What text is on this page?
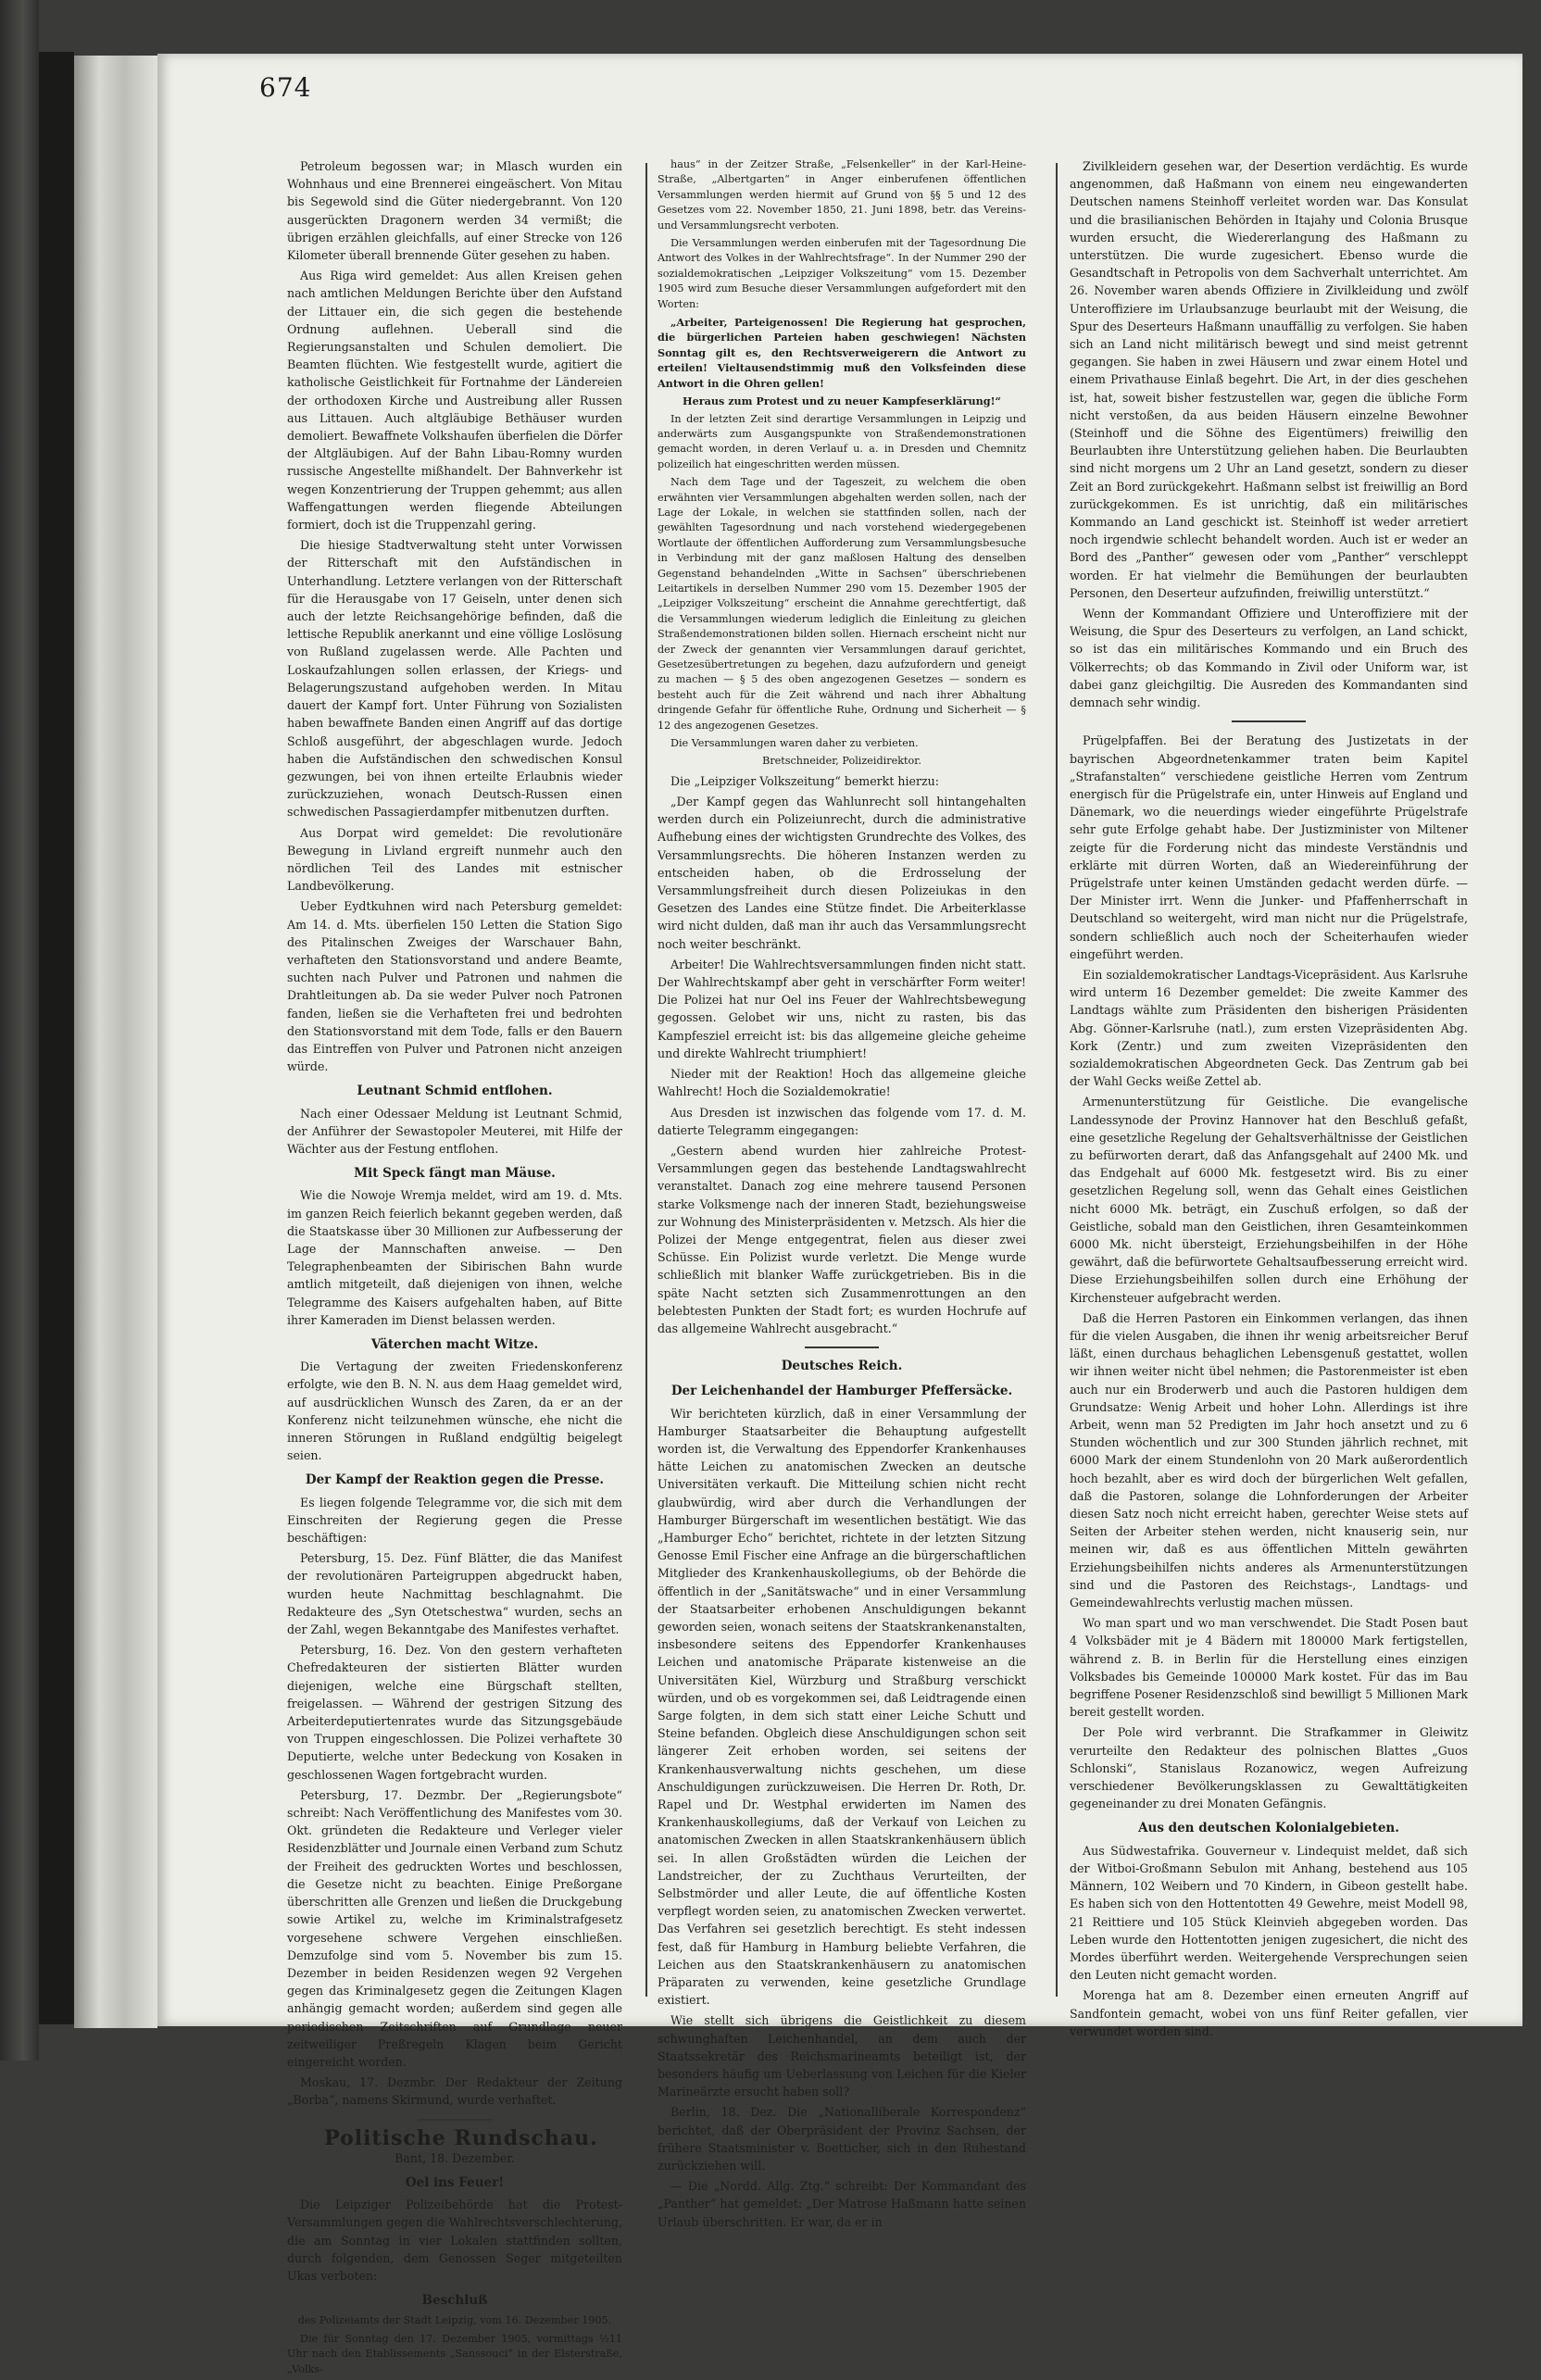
674

Petroleum begossen war; in Mlasch wurden ein Wohnhaus und eine Brennerei eingeäschert. Von Mitau bis Segewold sind die Güter niedergebrannt. Von 120 ausgerückten Dragonern werden 34 vermißt; die übrigen erzählen gleichfalls, auf einer Strecke von 126 Kilometer überall brennende Güter gesehen zu haben.

Aus Riga wird gemeldet: Aus allen Kreisen gehen nach amtlichen Meldungen Berichte über den Aufstand der Littauer ein, die sich gegen die bestehende Ordnung auflehnen. Ueberall sind die Regierungsanstalten und Schulen demoliert. Die Beamten flüchten. Wie festgestellt wurde, agitiert die katholische Geistlichkeit für Fortnahme der Ländereien der orthodoxen Kirche und Austreibung aller Russen aus Littauen. Auch altgläubige Bethäuser wurden demoliert. Bewaffnete Volkshaufen überfielen die Dörfer der Altgläubigen. Auf der Bahn Libau-Romny wurden russische Angestellte mißhandelt. Der Bahnverkehr ist wegen Konzentrierung der Truppen gehemmt; aus allen Waffengattungen werden fliegende Abteilungen formiert, doch ist die Truppenzahl gering.

Die hiesige Stadtverwaltung steht unter Vorwissen der Ritterschaft mit den Aufständischen in Unterhandlung. Letztere verlangen von der Ritterschaft für die Herausgabe von 17 Geiseln, unter denen sich auch der letzte Reichsangehörige befinden, daß die lettische Republik anerkannt und eine völlige Loslösung von Rußland zugelassen werde. Alle Pachten und Loskaufzahlungen sollen erlassen, der Kriegs- und Belagerungszustand aufgehoben werden. In Mitau dauert der Kampf fort. Unter Führung von Sozialisten haben bewaffnete Banden einen Angriff auf das dortige Schloß ausgeführt, der abgeschlagen wurde. Jedoch haben die Aufständischen den schwedischen Konsul gezwungen, bei von ihnen erteilte Erlaubnis wieder zurückzuziehen, wonach Deutsch-Russen einen schwedischen Passagierdampfer mitbenutzen durften.

Aus Dorpat wird gemeldet: Die revolutionäre Bewegung in Livland ergreift nunmehr auch den nördlichen Teil des Landes mit estnischer Landbevölkerung.

Ueber Eydtkuhnen wird nach Petersburg gemeldet: Am 14. d. Mts. überfielen 150 Letten die Station Sigo des Pitalinschen Zweiges der Warschauer Bahn, verhafteten den Stationsvorstand und andere Beamte, suchten nach Pulver und Patronen und nahmen die Drahtleitungen ab. Da sie weder Pulver noch Patronen fanden, ließen sie die Verhafteten frei und bedrohten den Stationsvorstand mit dem Tode, falls er den Bauern das Eintreffen von Pulver und Patronen nicht anzeigen würde.

Leutnant Schmid entflohen.

Nach einer Odessaer Meldung ist Leutnant Schmid, der Anführer der Sewastopoler Meuterei, mit Hilfe der Wächter aus der Festung entflohen.

Mit Speck fängt man Mäuse.

Wie die Nowoje Wremja meldet, wird am 19. d. Mts. im ganzen Reich feierlich bekannt gegeben werden, daß die Staatskasse über 30 Millionen zur Aufbesserung der Lage der Mannschaften anweise. — Den Telegraphenbeamten der Sibirischen Bahn wurde amtlich mitgeteilt, daß diejenigen von ihnen, welche Telegramme des Kaisers aufgehalten haben, auf Bitte ihrer Kameraden im Dienst belassen werden.

Väterchen macht Witze.

Die Vertagung der zweiten Friedenskonferenz erfolgte, wie den B. N. N. aus dem Haag gemeldet wird, auf ausdrücklichen Wunsch des Zaren, da er an der Konferenz nicht teilzunehmen wünsche, ehe nicht die inneren Störungen in Rußland endgültig beigelegt seien.

Der Kampf der Reaktion gegen die Presse.

Es liegen folgende Telegramme vor, die sich mit dem Einschreiten der Regierung gegen die Presse beschäftigen:

Petersburg, 15. Dez. Fünf Blätter, die das Manifest der revolutionären Parteigruppen abgedruckt haben, wurden heute Nachmittag beschlagnahmt. Die Redakteure des „Syn Otetschestwa“ wurden, sechs an der Zahl, wegen Bekanntgabe des Manifestes verhaftet.

Petersburg, 16. Dez. Von den gestern verhafteten Chefredakteuren der sistierten Blätter wurden diejenigen, welche eine Bürgschaft stellten, freigelassen. — Während der gestrigen Sitzung des Arbeiterdeputiertenrates wurde das Sitzungsgebäude von Truppen eingeschlossen. Die Polizei verhaftete 30 Deputierte, welche unter Bedeckung von Kosaken in geschlossenen Wagen fortgebracht wurden.

Petersburg, 17. Dezmbr. Der „Regierungsbote“ schreibt: Nach Veröffentlichung des Manifestes vom 30. Okt. gründeten die Redakteure und Verleger vieler Residenzblätter und Journale einen Verband zum Schutz der Freiheit des gedruckten Wortes und beschlossen, die Gesetze nicht zu beachten. Einige Preßorgane überschritten alle Grenzen und ließen die Druckgebung sowie Artikel zu, welche im Kriminalstrafgesetz vorgesehene schwere Vergehen einschließen. Demzufolge sind vom 5. November bis zum 15. Dezember in beiden Residenzen wegen 92 Vergehen gegen das Kriminalgesetz gegen die Zeitungen Klagen anhängig gemacht worden; außerdem sind gegen alle periodischen Zeitschriften auf Grundlage neuer zeitweiliger Preßregeln Klagen beim Gericht eingereicht worden.

Moskau, 17. Dezmbr. Der Redakteur der Zeitung „Borba“, namens Skirmund, wurde verhaftet.

Politische Rundschau.

Bant, 18. Dezember.

Oel ins Feuer!

Die Leipziger Polizeibehörde hat die Protest-Versammlungen gegen die Wahlrechtsverschlechterung, die am Sonntag in vier Lokalen stattfinden sollten, durch folgenden, dem Genossen Seger mitgeteilten Ukas verboten:

Beschluß

des Polizeiamts der Stadt Leipzig, vom 16. Dezember 1905.

Die für Sonntag den 17. Dezember 1905, vormittags ½11 Uhr nach den Etablissements „Sanssouci“ in der Elsterstraße, „Volks-

haus“ in der Zeitzer Straße, „Felsenkeller“ in der Karl-Heine-Straße, „Albertgarten“ in Anger einberufenen öffentlichen Versammlungen werden hiermit auf Grund von §§ 5 und 12 des Gesetzes vom 22. November 1850, 21. Juni 1898, betr. das Vereins- und Versammlungsrecht verboten.

Die Versammlungen werden einberufen mit der Tagesordnung Die Antwort des Volkes in der Wahlrechtsfrage“. In der Nummer 290 der sozialdemokratischen „Leipziger Volkszeitung“ vom 15. Dezember 1905 wird zum Besuche dieser Versammlungen aufgefordert mit den Worten:

„Arbeiter, Parteigenossen! Die Regierung hat gesprochen, die bürgerlichen Parteien haben geschwiegen! Nächsten Sonntag gilt es, den Rechtsverweigerern die Antwort zu erteilen! Vieltausendstimmig muß den Volksfeinden diese Antwort in die Ohren gellen!

Heraus zum Protest und zu neuer Kampfeserklärung!“

In der letzten Zeit sind derartige Versammlungen in Leipzig und anderwärts zum Ausgangspunkte von Straßendemonstrationen gemacht worden, in deren Verlauf u. a. in Dresden und Chemnitz polizeilich hat eingeschritten werden müssen.

Nach dem Tage und der Tageszeit, zu welchem die oben erwähnten vier Versammlungen abgehalten werden sollen, nach der Lage der Lokale, in welchen sie stattfinden sollen, nach der gewählten Tagesordnung und nach vorstehend wiedergegebenen Wortlaute der öffentlichen Aufforderung zum Versammlungsbesuche in Verbindung mit der ganz maßlosen Haltung des denselben Gegenstand behandelnden „Witte in Sachsen“ überschriebenen Leitartikels in derselben Nummer 290 vom 15. Dezember 1905 der „Leipziger Volkszeitung“ erscheint die Annahme gerechtfertigt, daß die Versammlungen wiederum lediglich die Einleitung zu gleichen Straßendemonstrationen bilden sollen. Hiernach erscheint nicht nur der Zweck der genannten vier Versammlungen darauf gerichtet, Gesetzesübertretungen zu begehen, dazu aufzufordern und geneigt zu machen — § 5 des oben angezogenen Gesetzes — sondern es besteht auch für die Zeit während und nach ihrer Abhaltung dringende Gefahr für öffentliche Ruhe, Ordnung und Sicherheit — § 12 des angezogenen Gesetzes.

Die Versammlungen waren daher zu verbieten.

Bretschneider, Polizeidirektor.

Die „Leipziger Volkszeitung“ bemerkt hierzu:

„Der Kampf gegen das Wahlunrecht soll hintangehalten werden durch ein Polizeiunrecht, durch die administrative Aufhebung eines der wichtigsten Grundrechte des Volkes, des Versammlungsrechts. Die höheren Instanzen werden zu entscheiden haben, ob die Erdrosselung der Versammlungsfreiheit durch diesen Polizeiukas in den Gesetzen des Landes eine Stütze findet. Die Arbeiterklasse wird nicht dulden, daß man ihr auch das Versammlungsrecht noch weiter beschränkt.

Arbeiter! Die Wahlrechtsversammlungen finden nicht statt. Der Wahlrechtskampf aber geht in verschärfter Form weiter! Die Polizei hat nur Oel ins Feuer der Wahlrechtsbewegung gegossen. Gelobet wir uns, nicht zu rasten, bis das Kampfesziel erreicht ist: bis das allgemeine gleiche geheime und direkte Wahlrecht triumphiert!

Nieder mit der Reaktion! Hoch das allgemeine gleiche Wahlrecht! Hoch die Sozialdemokratie!

Aus Dresden ist inzwischen das folgende vom 17. d. M. datierte Telegramm eingegangen:

„Gestern abend wurden hier zahlreiche Protest-Versammlungen gegen das bestehende Landtagswahlrecht veranstaltet. Danach zog eine mehrere tausend Personen starke Volksmenge nach der inneren Stadt, beziehungsweise zur Wohnung des Ministerpräsidenten v. Metzsch. Als hier die Polizei der Menge entgegentrat, fielen aus dieser zwei Schüsse. Ein Polizist wurde verletzt. Die Menge wurde schließlich mit blanker Waffe zurückgetrieben. Bis in die späte Nacht setzten sich Zusammenrottungen an den belebtesten Punkten der Stadt fort; es wurden Hochrufe auf das allgemeine Wahlrecht ausgebracht.“

Deutsches Reich.

Der Leichenhandel der Hamburger Pfeffersäcke.

Wir berichteten kürzlich, daß in einer Versammlung der Hamburger Staatsarbeiter die Behauptung aufgestellt worden ist, die Verwaltung des Eppendorfer Krankenhauses hätte Leichen zu anatomischen Zwecken an deutsche Universitäten verkauft. Die Mitteilung schien nicht recht glaubwürdig, wird aber durch die Verhandlungen der Hamburger Bürgerschaft im wesentlichen bestätigt. Wie das „Hamburger Echo“ berichtet, richtete in der letzten Sitzung Genosse Emil Fischer eine Anfrage an die bürgerschaftlichen Mitglieder des Krankenhauskollegiums, ob der Behörde die öffentlich in der „Sanitätswache“ und in einer Versammlung der Staatsarbeiter erhobenen Anschuldigungen bekannt geworden seien, wonach seitens der Staatskrankenanstalten, insbesondere seitens des Eppendorfer Krankenhauses Leichen und anatomische Präparate kistenweise an die Universitäten Kiel, Würzburg und Straßburg verschickt würden, und ob es vorgekommen sei, daß Leidtragende einen Sarge folgten, in dem sich statt einer Leiche Schutt und Steine befanden. Obgleich diese Anschuldigungen schon seit längerer Zeit erhoben worden, sei seitens der Krankenhausverwaltung nichts geschehen, um diese Anschuldigungen zurückzuweisen. Die Herren Dr. Roth, Dr. Rapel und Dr. Westphal erwiderten im Namen des Krankenhauskollegiums, daß der Verkauf von Leichen zu anatomischen Zwecken in allen Staatskrankenhäusern üblich sei. In allen Großstädten würden die Leichen der Landstreicher, der zu Zuchthaus Verurteilten, der Selbstmörder und aller Leute, die auf öffentliche Kosten verpflegt worden seien, zu anatomischen Zwecken verwertet. Das Verfahren sei gesetzlich berechtigt. Es steht indessen fest, daß für Hamburg in Hamburg beliebte Verfahren, die Leichen aus den Staatskrankenhäusern zu anatomischen Präparaten zu verwenden, keine gesetzliche Grundlage existiert.

Wie stellt sich übrigens die Geistlichkeit zu diesem schwunghaften Leichenhandel, an dem auch der Staatssekretär des Reichsmarineamts beteiligt ist, der besonders häufig um Ueberlassung von Leichen für die Kieler Marineärzte ersucht haben soll?

Berlin, 18. Dez. Die „Nationalliberale Korrespondenz“ berichtet, daß der Oberpräsident der Provinz Sachsen, der frühere Staatsminister v. Boetticher, sich in den Ruhestand zurückziehen will.

— Die „Nordd. Allg. Ztg.“ schreibt: Der Kommandant des „Panther“ hat gemeldet: „Der Matrose Haßmann hatte seinen Urlaub überschritten. Er war, da er in

Zivilkleidern gesehen war, der Desertion verdächtig. Es wurde angenommen, daß Haßmann von einem neu eingewanderten Deutschen namens Steinhoff verleitet worden war. Das Konsulat und die brasilianischen Behörden in Itajahy und Colonia Brusque wurden ersucht, die Wiedererlangung des Haßmann zu unterstützen. Die wurde zugesichert. Ebenso wurde die Gesandtschaft in Petropolis von dem Sachverhalt unterrichtet. Am 26. November waren abends Offiziere in Zivilkleidung und zwölf Unteroffiziere im Urlaubsanzuge beurlaubt mit der Weisung, die Spur des Deserteurs Haßmann unauffällig zu verfolgen. Sie haben sich an Land nicht militärisch bewegt und sind meist getrennt gegangen. Sie haben in zwei Häusern und zwar einem Hotel und einem Privathause Einlaß begehrt. Die Art, in der dies geschehen ist, hat, soweit bisher festzustellen war, gegen die übliche Form nicht verstoßen, da aus beiden Häusern einzelne Bewohner (Steinhoff und die Söhne des Eigentümers) freiwillig den Beurlaubten ihre Unterstützung geliehen haben. Die Beurlaubten sind nicht morgens um 2 Uhr an Land gesetzt, sondern zu dieser Zeit an Bord zurückgekehrt. Haßmann selbst ist freiwillig an Bord zurückgekommen. Es ist unrichtig, daß ein militärisches Kommando an Land geschickt ist. Steinhoff ist weder arretiert noch irgendwie schlecht behandelt worden. Auch ist er weder an Bord des „Panther“ gewesen oder vom „Panther“ verschleppt worden. Er hat vielmehr die Bemühungen der beurlaubten Personen, den Deserteur aufzufinden, freiwillig unterstützt.“

Wenn der Kommandant Offiziere und Unteroffiziere mit der Weisung, die Spur des Deserteurs zu verfolgen, an Land schickt, so ist das ein militärisches Kommando und ein Bruch des Völkerrechts; ob das Kommando in Zivil oder Uniform war, ist dabei ganz gleichgiltig. Die Ausreden des Kommandanten sind demnach sehr windig.

Prügelpfaffen. Bei der Beratung des Justizetats in der bayrischen Abgeordnetenkammer traten beim Kapitel „Strafanstalten“ verschiedene geistliche Herren vom Zentrum energisch für die Prügelstrafe ein, unter Hinweis auf England und Dänemark, wo die neuerdings wieder eingeführte Prügelstrafe sehr gute Erfolge gehabt habe. Der Justizminister von Miltener zeigte für die Forderung nicht das mindeste Verständnis und erklärte mit dürren Worten, daß an Wiedereinführung der Prügelstrafe unter keinen Umständen gedacht werden dürfe. — Der Minister irrt. Wenn die Junker- und Pfaffenherrschaft in Deutschland so weitergeht, wird man nicht nur die Prügelstrafe, sondern schließlich auch noch der Scheiterhaufen wieder eingeführt werden.

Ein sozialdemokratischer Landtags-Vicepräsident. Aus Karlsruhe wird unterm 16 Dezember gemeldet: Die zweite Kammer des Landtags wählte zum Präsidenten den bisherigen Präsidenten Abg. Gönner-Karlsruhe (natl.), zum ersten Vizepräsidenten Abg. Kork (Zentr.) und zum zweiten Vizepräsidenten den sozialdemokratischen Abgeordneten Geck. Das Zentrum gab bei der Wahl Gecks weiße Zettel ab.

Armenunterstützung für Geistliche. Die evangelische Landessynode der Provinz Hannover hat den Beschluß gefaßt, eine gesetzliche Regelung der Gehaltsverhältnisse der Geistlichen zu befürworten derart, daß das Anfangsgehalt auf 2400 Mk. und das Endgehalt auf 6000 Mk. festgesetzt wird. Bis zu einer gesetzlichen Regelung soll, wenn das Gehalt eines Geistlichen nicht 6000 Mk. beträgt, ein Zuschuß erfolgen, so daß der Geistliche, sobald man den Geistlichen, ihren Gesamteinkommen 6000 Mk. nicht übersteigt, Erziehungsbeihilfen in der Höhe gewährt, daß die befürwortete Gehaltsaufbesserung erreicht wird. Diese Erziehungsbeihilfen sollen durch eine Erhöhung der Kirchensteuer aufgebracht werden.

Daß die Herren Pastoren ein Einkommen verlangen, das ihnen für die vielen Ausgaben, die ihnen ihr wenig arbeitsreicher Beruf läßt, einen durchaus behaglichen Lebensgenuß gestattet, wollen wir ihnen weiter nicht übel nehmen; die Pastorenmeister ist eben auch nur ein Broderwerb und auch die Pastoren huldigen dem Grundsatze: Wenig Arbeit und hoher Lohn. Allerdings ist ihre Arbeit, wenn man 52 Predigten im Jahr hoch ansetzt und zu 6 Stunden wöchentlich und zur 300 Stunden jährlich rechnet, mit 6000 Mark der einem Stundenlohn von 20 Mark außerordentlich hoch bezahlt, aber es wird doch der bürgerlichen Welt gefallen, daß die Pastoren, solange die Lohnforderungen der Arbeiter diesen Satz noch nicht erreicht haben, gerechter Weise stets auf Seiten der Arbeiter stehen werden, nicht knauserig sein, nur meinen wir, daß es aus öffentlichen Mitteln gewährten Erziehungsbeihilfen nichts anderes als Armenunterstützungen sind und die Pastoren des Reichstags-, Landtags- und Gemeindewahlrechts verlustig machen müssen.

Wo man spart und wo man verschwendet. Die Stadt Posen baut 4 Volksbäder mit je 4 Bädern mit 180000 Mark fertigstellen, während z. B. in Berlin für die Herstellung eines einzigen Volksbades bis Gemeinde 100000 Mark kostet. Für das im Bau begriffene Posener Residenzschloß sind bewilligt 5 Millionen Mark bereit gestellt worden.

Der Pole wird verbrannt. Die Strafkammer in Gleiwitz verurteilte den Redakteur des polnischen Blattes „Guos Schlonski“, Stanislaus Rozanowicz, wegen Aufreizung verschiedener Bevölkerungsklassen zu Gewalttätigkeiten gegeneinander zu drei Monaten Gefängnis.

Aus den deutschen Kolonialgebieten.

Aus Südwestafrika. Gouverneur v. Lindequist meldet, daß sich der Witboi-Großmann Sebulon mit Anhang, bestehend aus 105 Männern, 102 Weibern und 70 Kindern, in Gibeon gestellt habe. Es haben sich von den Hottentotten 49 Gewehre, meist Modell 98, 21 Reittiere und 105 Stück Kleinvieh abgegeben worden. Das Leben wurde den Hottentotten jenigen zugesichert, die nicht des Mordes überführt werden. Weitergehende Versprechungen seien den Leuten nicht gemacht worden.

Morenga hat am 8. Dezember einen erneuten Angriff auf Sandfontein gemacht, wobei von uns fünf Reiter gefallen, vier verwundet worden sind.
